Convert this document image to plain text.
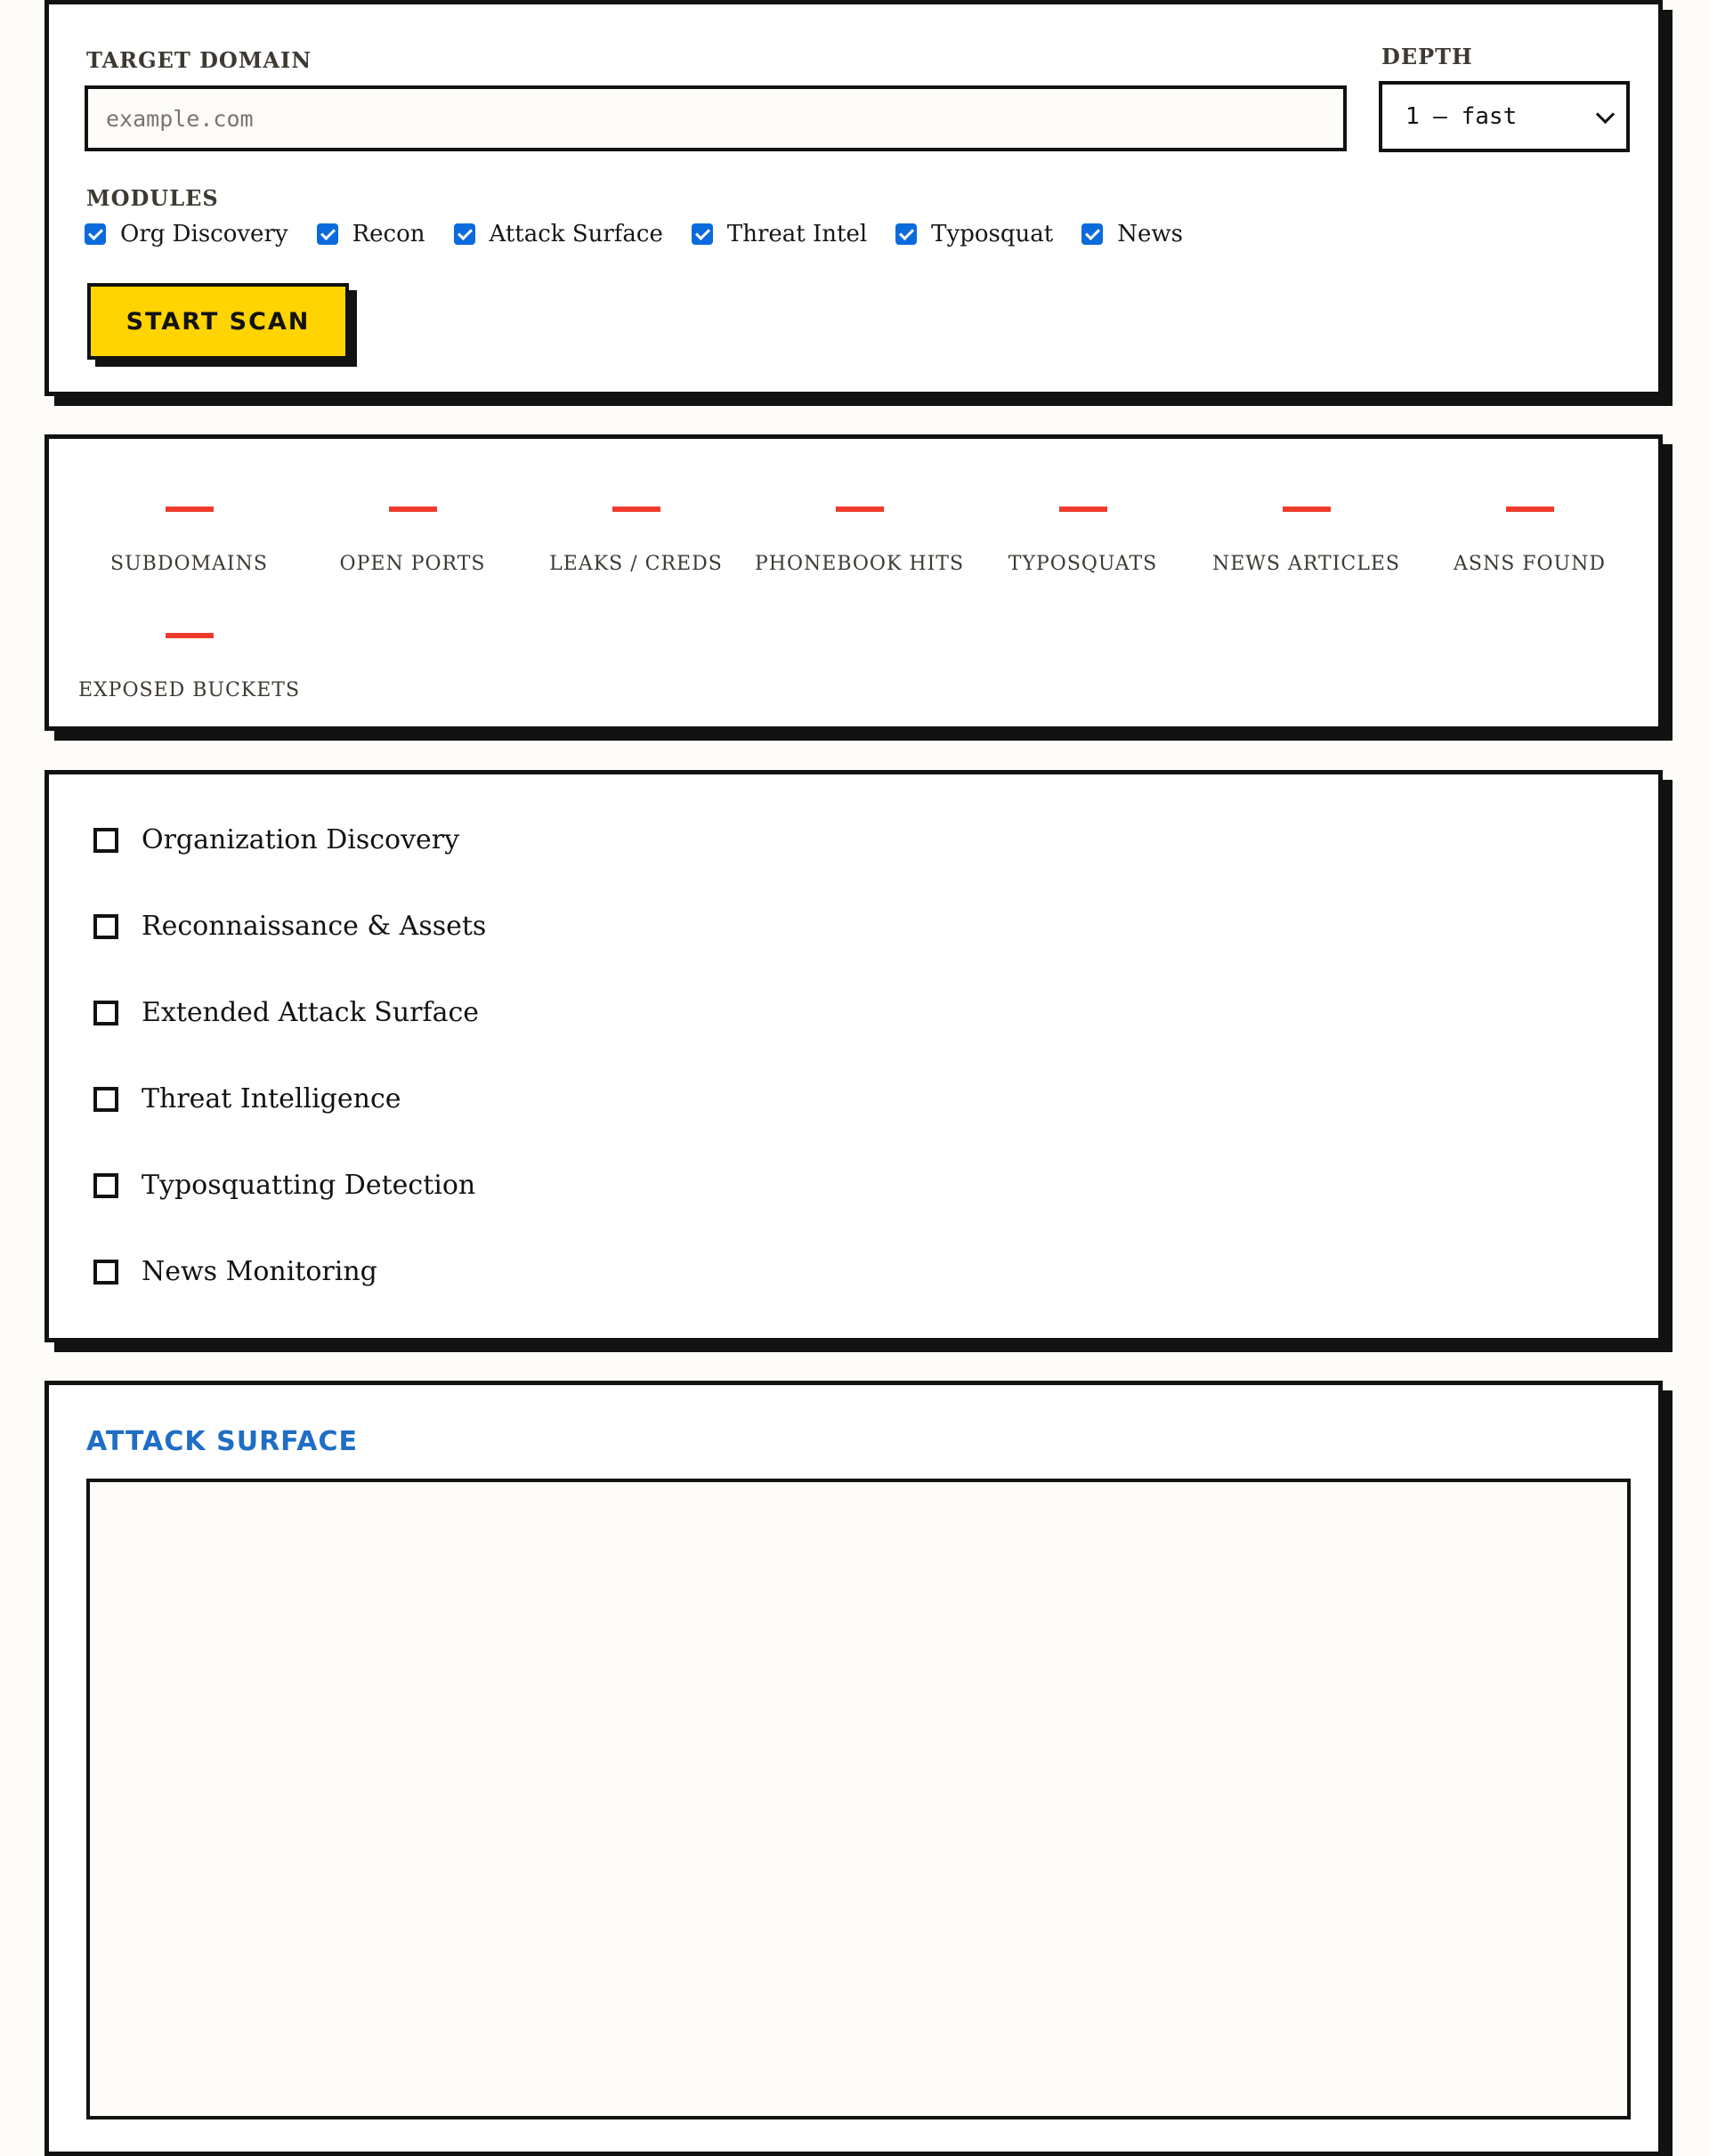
TARGET DOMAIN
example.com	DEPTH
1 — fast
MODULES
Org Discovery	Recon	Attack Surface	Threat Intel	Typosquat	News
START SCAN
SUBDOMAINS	OPEN PORTS	LEAKS / CREDS	PHONEBOOK HITS	TYPOSQUATS	NEWS ARTICLES	ASNS FOUND
EXPOSED BUCKETS
Organization Discovery
Reconnaissance & Assets
Extended Attack Surface
Threat Intelligence
Typosquatting Detection
News Monitoring
ATTACK SURFACE
